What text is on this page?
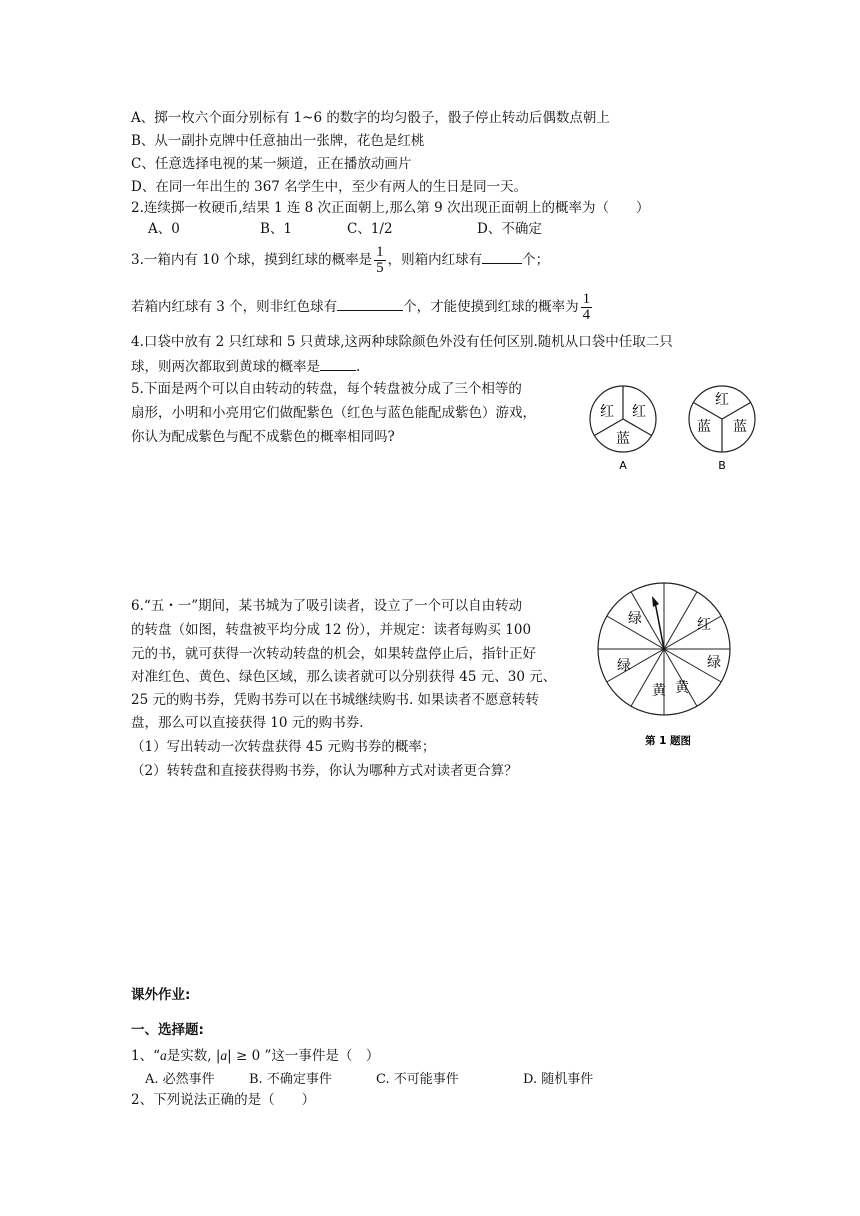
A、掷一枚六个面分别标有 1~6 的数字的均匀骰子，骰子停止转动后偶数点朝上
B、从一副扑克牌中任意抽出一张牌，花色是红桃
C、任意选择电视的某一频道，正在播放动画片
D、在同一年出生的 367 名学生中，至少有两人的生日是同一天。
2.连续掷一枚硬币,结果 1 连 8 次正面朝上,那么第 9 次出现正面朝上的概率为（　　）
A、0	B、1	C、1/2	D、不确定
3.一箱内有 10 个球，摸到红球的概率是 $\frac{1}{5}$ ，则箱内红球有	个；
若箱内红球有 3 个，则非红色球有	个，才能使摸到红球的概率为 $\frac{1}{4}$
4.口袋中放有 2 只红球和 5 只黄球,这两种球除颜色外没有任何区别.随机从口袋中任取二只
球，则两次都取到黄球的概率是	.
5.下面是两个可以自由转动的转盘，每个转盘被分成了三个相等的
扇形，小明和小亮用它们做配紫色（红色与蓝色能配成紫色）游戏，
你认为配成紫色与配不成紫色的概率相同吗?
红 红
蓝
A
红
蓝 蓝
B
6.“五・一”期间，某书城为了吸引读者，设立了一个可以自由转动
的转盘（如图，转盘被平均分成 12 份），并规定：读者每购买 100
元的书，就可获得一次转动转盘的机会，如果转盘停止后，指针正好
对准红色、黄色、绿色区域，那么读者就可以分别获得 45 元、30 元、
25 元的购书券，凭购书券可以在书城继续购书. 如果读者不愿意转转
盘，那么可以直接获得 10 元的购书券.
（1）写出转动一次转盘获得 45 元购书券的概率；
（2）转转盘和直接获得购书券，你认为哪种方式对读者更合算？
绿	红
绿	绿
黄 黄
第 1 题图
课外作业:
一、选择题:
1、“a是实数, |a| ≥ 0 ”这一事件是（　）
A. 必然事件	B. 不确定事件	C. 不可能事件	D. 随机事件
2、下列说法正确的是（　　）
